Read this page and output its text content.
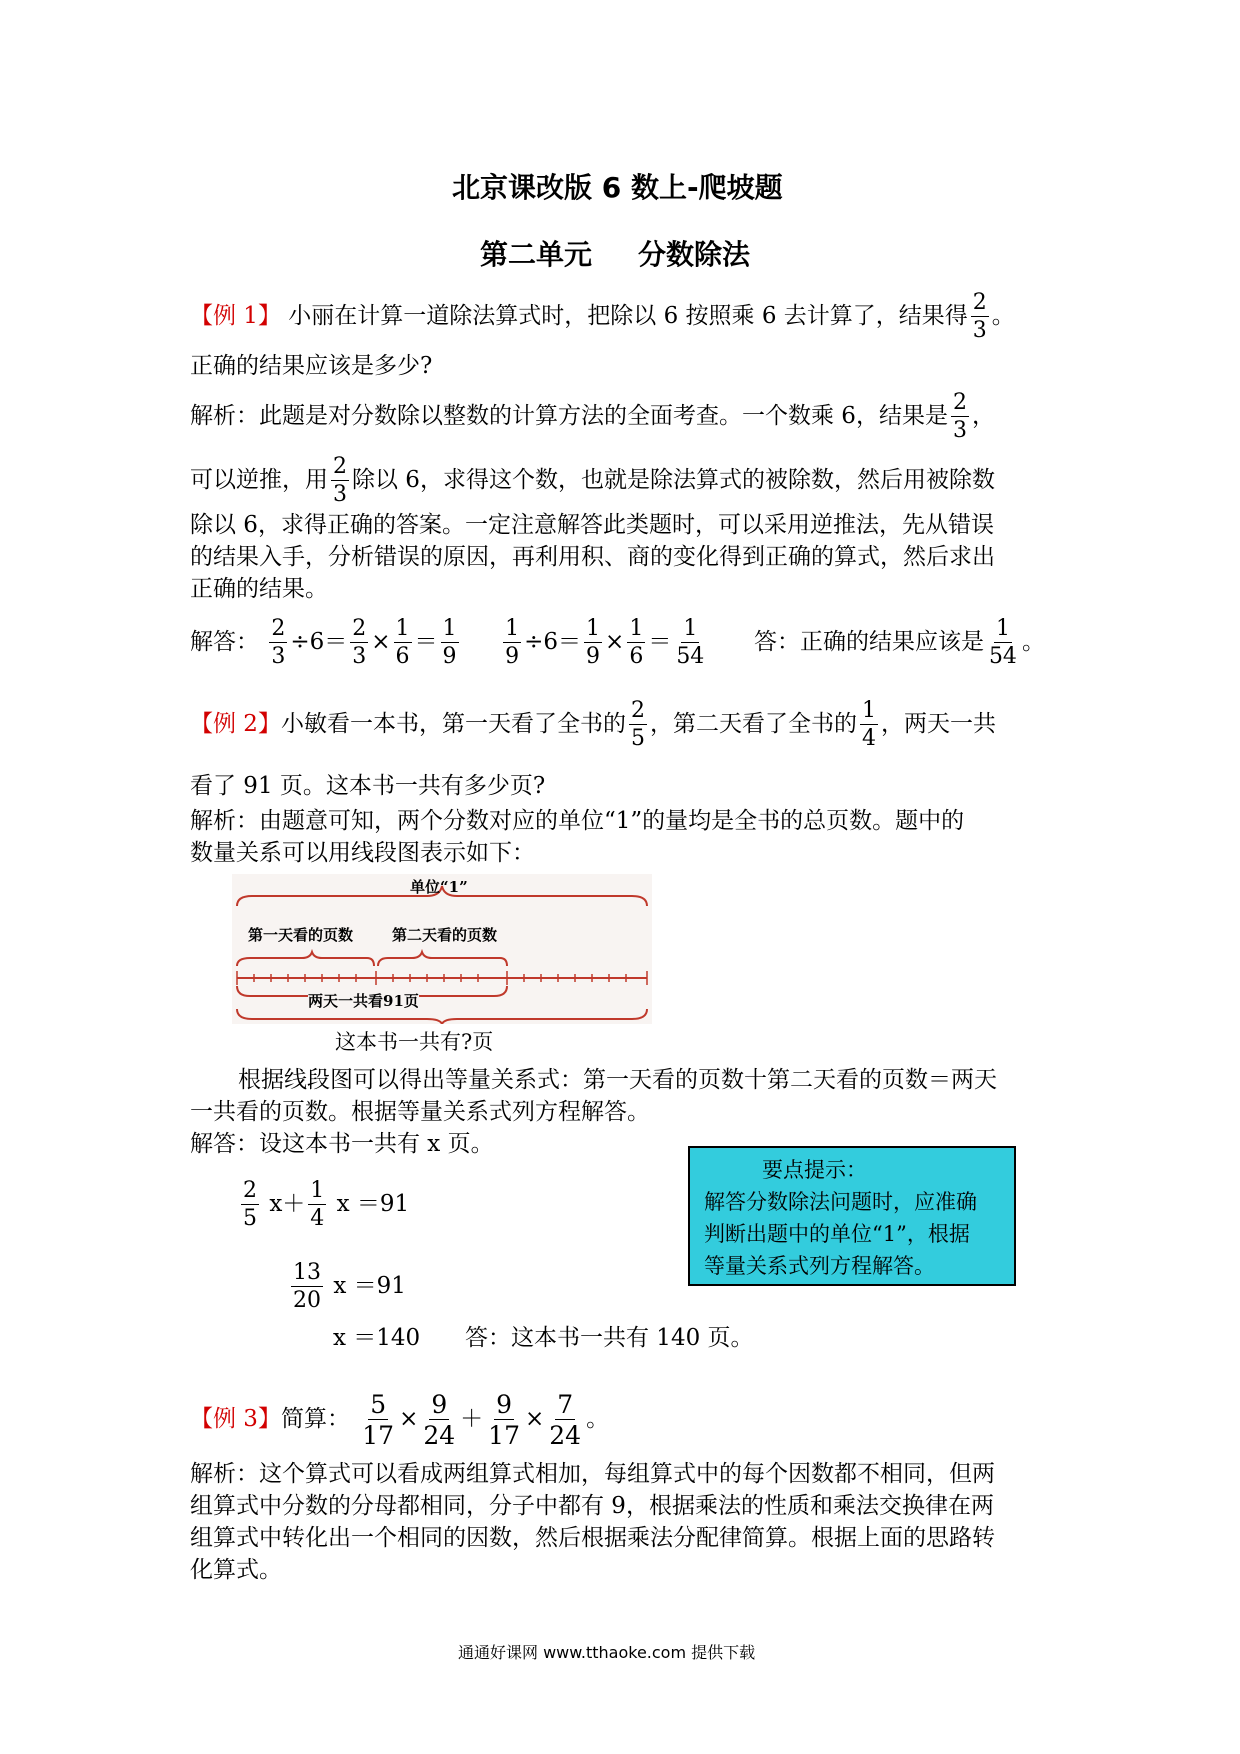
北京课改版 6 数上-爬坡题
第二单元 分数除法
【例 1】 小丽在计算一道除法算式时，把除以 6 按照乘 6 去计算了，结果得 $\frac{2}{3}$ 。
正确的结果应该是多少?
解析：此题是对分数除以整数的计算方法的全面考查。一个数乘 6，结果是 $\frac{2}{3}$ ，
可以逆推，用 $\frac{2}{3}$ 除以 6，求得这个数，也就是除法算式的被除数，然后用被除数
除以 6，求得正确的答案。一定注意解答此类题时，可以采用逆推法，先从错误
的结果入手，分析错误的原因，再利用积、商的变化得到正确的算式，然后求出
正确的结果。
解答： $\frac{2}{3} \div 6= \frac{2}{3} \times \frac{1}{6} = \frac{1}{9}$
$\frac{1}{9} \div 6= \frac{1}{9} \times \frac{1}{6} = \frac{1}{54}$ 答：正确的结果应该是 $\frac{1}{54}$ 。
【例 2】小敏看一本书，第一天看了全书的 $\frac{2}{5}$ ，第二天看了全书的 $\frac{1}{4}$ ，两天一共
看了 91 页。这本书一共有多少页?
解析：由题意可知，两个分数对应的单位“1”的量均是全书的总页数。题中的
数量关系可以用线段图表示如下：
单位“1”
第一天看的页数	第二天看的页数
两天一共看91页
这本书一共有?页
根据线段图可以得出等量关系式：第一天看的页数十第二天看的页数＝两天
一共看的页数。根据等量关系式列方程解答。
解答：设这本书一共有 x 页。
$\frac{2}{5} x+ \frac{1}{4}$ x ＝91
$\frac{13}{20}$ x ＝91
x ＝140 答：这本书一共有 140 页。
要点提示：
解答分数除法问题时，应准确
判断出题中的单位“1”，根据
等量关系式列方程解答。
【例 3】简算： $\frac{5}{17} \times \frac{9}{24} + \frac{9}{17} \times \frac{7}{24}$ 。
解析：这个算式可以看成两组算式相加，每组算式中的每个因数都不相同，但两
组算式中分数的分母都相同，分子中都有 9，根据乘法的性质和乘法交换律在两
组算式中转化出一个相同的因数，然后根据乘法分配律简算。根据上面的思路转
化算式。
通通好课网 www.tthaoke.com 提供下载
